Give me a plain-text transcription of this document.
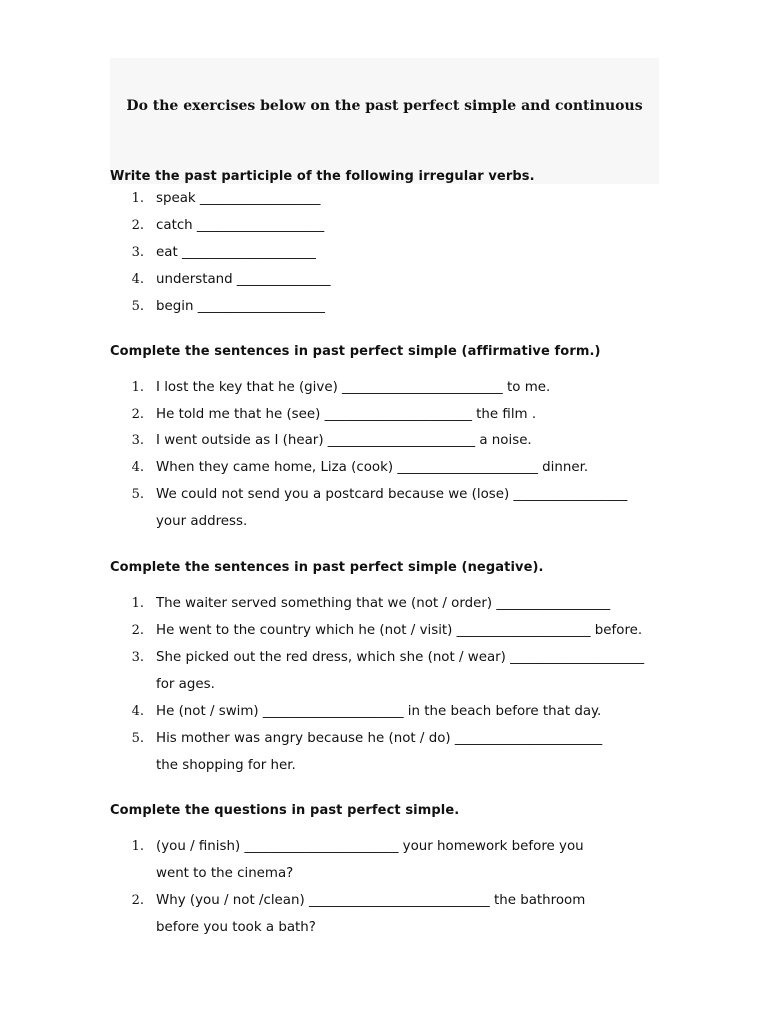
Do the exercises below on the past perfect simple and continuous
Write the past participle of the following irregular verbs.
1. speak __________________
2. catch ___________________
3. eat ____________________
4. understand ______________
5. begin ___________________
Complete the sentences in past perfect simple (affirmative form.)
1. I lost the key that he (give) ________________________ to me.
2. He told me that he (see) ______________________ the film .
3. I went outside as I (hear) ______________________ a noise.
4. When they came home, Liza (cook) _____________________ dinner.
5. We could not send you a postcard because we (lose) _________________
your address.
Complete the sentences in past perfect simple (negative).
1. The waiter served something that we (not / order) _________________
2. He went to the country which he (not / visit) ____________________ before.
3. She picked out the red dress, which she (not / wear) ____________________
for ages.
4. He (not / swim) _____________________ in the beach before that day.
5. His mother was angry because he (not / do) ______________________
the shopping for her.
Complete the questions in past perfect simple.
1. (you / finish) _______________________ your homework before you
went to the cinema?
2. Why (you / not /clean) ___________________________ the bathroom
before you took a bath?
